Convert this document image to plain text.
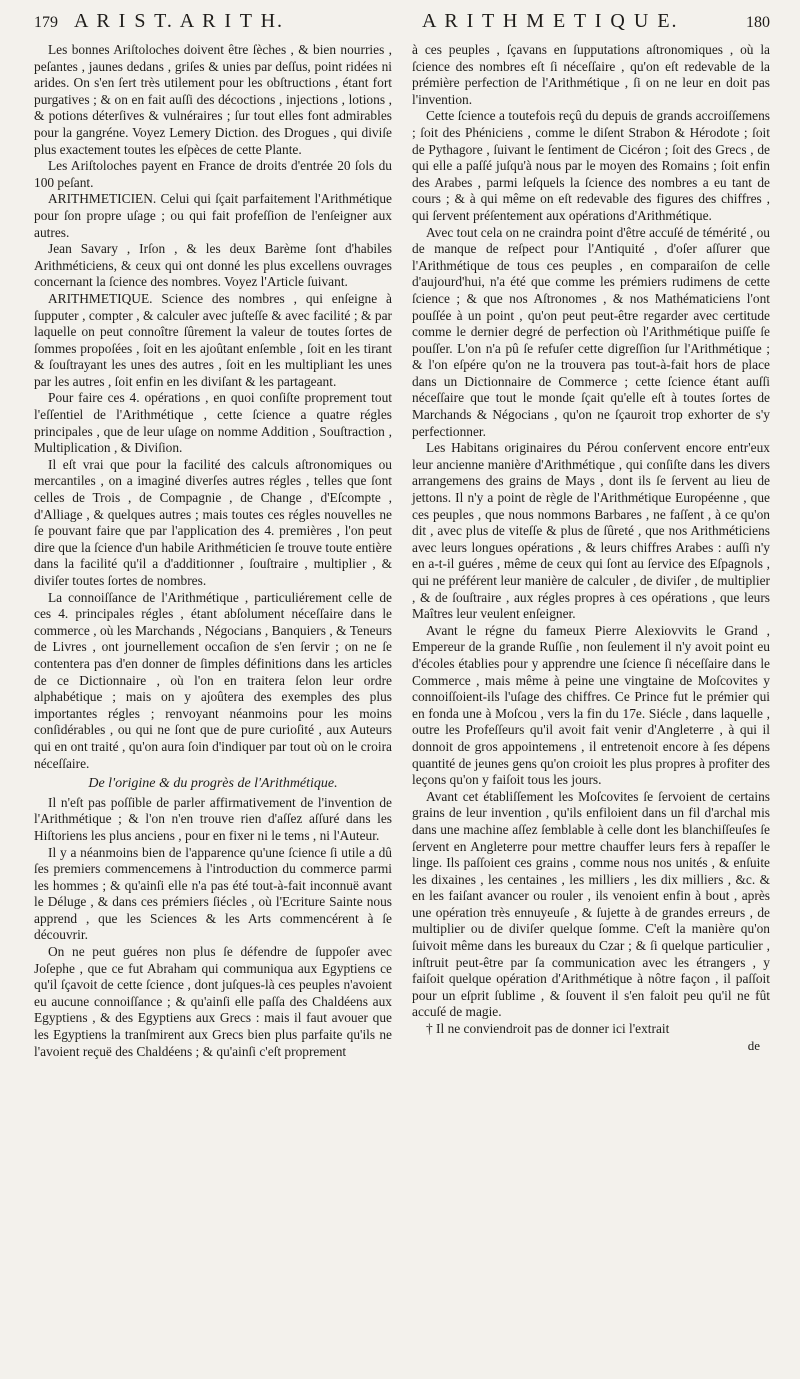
179 A R I S T. A R I T H.	A R I T H M E T I Q U E.	180

Les bonnes Ariſtoloches doivent être ſèches , & bien nourries , peſantes , jaunes dedans , griſes & unies par deſſus, point ridées ni arides. On s'en ſert très utilement pour les obſtructions , étant fort purgatives ; & on en fait auſſi des décoctions , injections , lotions , & potions déterſives & vulnéraires ; ſur tout elles font admirables pour la gangréne. Voyez Lemery Diction. des Drogues , qui diviſe plus exactement toutes les eſpèces de cette Plante.

Les Ariſtoloches payent en France de droits d'entrée 20 ſols du 100 peſant.

ARITHMETICIEN. Celui qui ſçait parfaitement l'Arithmétique pour ſon propre uſage ; ou qui fait profeſſion de l'enſeigner aux autres.

Jean Savary , Irſon , & les deux Barème ſont d'habiles Arithméticiens, & ceux qui ont donné les plus excellens ouvrages concernant la ſcience des nombres. Voyez l'Article ſuivant.

ARITHMETIQUE. Science des nombres , qui enſeigne à ſupputer , compter , & calculer avec juſteſſe & avec facilité ; & par laquelle on peut connoître ſûrement la valeur de toutes ſortes de ſommes propoſées , ſoit en les ajoûtant enſemble , ſoit en les tirant & ſouſtrayant les unes des autres , ſoit en les multipliant les unes par les autres , ſoit enfin en les diviſant & les partageant.

Pour faire ces 4. opérations , en quoi conſiſte proprement tout l'eſſentiel de l'Arithmétique , cette ſcience a quatre régles principales , que de leur uſage on nomme Addition , Souſtraction , Multiplication , & Diviſion.

Il eſt vrai que pour la facilité des calculs aſtronomiques ou mercantiles , on a imaginé diverſes autres régles , telles que ſont celles de Trois , de Compagnie , de Change , d'Eſcompte , d'Alliage , & quelques autres ; mais toutes ces régles nouvelles ne ſe pouvant faire que par l'application des 4. premières , l'on peut dire que la ſcience d'un habile Arithméticien ſe trouve toute entière dans la facilité qu'il a d'additionner , ſouſtraire , multiplier , & diviſer toutes ſortes de nombres.

La connoiſſance de l'Arithmétique , particuliérement celle de ces 4. principales régles , étant abſolument néceſſaire dans le commerce , où les Marchands , Négocians , Banquiers , & Teneurs de Livres , ont journellement occaſion de s'en ſervir ; on ne ſe contentera pas d'en donner de ſimples définitions dans les articles de ce Dictionnaire , où l'on en traitera ſelon leur ordre alphabétique ; mais on y ajoûtera des exemples des plus importantes régles ; renvoyant néanmoins pour les moins conſidérables , ou qui ne ſont que de pure curioſité , aux Auteurs qui en ont traité , qu'on aura ſoin d'indiquer par tout où on le croira néceſſaire.

De l'origine & du progrès de l'Arithmétique.

Il n'eſt pas poſſible de parler affirmativement de l'invention de l'Arithmétique ; & l'on n'en trouve rien d'aſſez aſſuré dans les Hiſtoriens les plus anciens , pour en fixer ni le tems , ni l'Auteur.

Il y a néanmoins bien de l'apparence qu'une ſcience ſi utile a dû ſes premiers commencemens à l'introduction du commerce parmi les hommes ; & qu'ainſi elle n'a pas été tout-à-fait inconnuë avant le Déluge , & dans ces prémiers ſiécles , où l'Ecriture Sainte nous apprend , que les Sciences & les Arts commencérent à ſe découvrir.

On ne peut guéres non plus ſe défendre de ſuppoſer avec Joſephe , que ce fut Abraham qui communiqua aux Egyptiens ce qu'il ſçavoit de cette ſcience , dont juſques-là ces peuples n'avoient eu aucune connoiſſance ; & qu'ainſi elle paſſa des Chaldéens aux Egyptiens , & des Egyptiens aux Grecs : mais il faut avouer que les Egyptiens la tranſmirent aux Grecs bien plus parfaite qu'ils ne l'avoient reçuë des Chaldéens ; & qu'ainſi c'eſt proprement

à ces peuples , ſçavans en ſupputations aſtronomiques , où la ſcience des nombres eſt ſi néceſſaire , qu'on eſt redevable de la prémière perfection de l'Arithmétique , ſi on ne leur en doit pas l'invention.

Cette ſcience a toutefois reçû du depuis de grands accroiſſemens ; ſoit des Phéniciens , comme le diſent Strabon & Hérodote ; ſoit de Pythagore , ſuivant le ſentiment de Cicéron ; ſoit des Grecs , de qui elle a paſſé juſqu'à nous par le moyen des Romains ; ſoit enfin des Arabes , parmi leſquels la ſcience des nombres a eu tant de cours ; & à qui même on eſt redevable des figures des chiffres , qui ſervent préſentement aux opérations d'Arithmétique.

Avec tout cela on ne craindra point d'être accuſé de témérité , ou de manque de reſpect pour l'Antiquité , d'oſer aſſurer que l'Arithmétique de tous ces peuples , en comparaiſon de celle d'aujourd'hui, n'a été que comme les prémiers rudimens de cette ſcience ; & que nos Aſtronomes , & nos Mathématiciens l'ont pouſſée à un point , qu'on peut peut-être regarder avec certitude comme le dernier degré de perfection où l'Arithmétique puiſſe ſe pouſſer. L'on n'a pû ſe refuſer cette digreſſion ſur l'Arithmétique ; & l'on eſpére qu'on ne la trouvera pas tout-à-fait hors de place dans un Dictionnaire de Commerce ; cette ſcience étant auſſi néceſſaire que tout le monde ſçait qu'elle eſt à toutes ſortes de Marchands & Négocians , qu'on ne ſçauroit trop exhorter de s'y perfectionner.

Les Habitans originaires du Pérou conſervent encore entr'eux leur ancienne manière d'Arithmétique , qui conſiſte dans les divers arrangemens des grains de Mays , dont ils ſe ſervent au lieu de jettons. Il n'y a point de règle de l'Arithmétique Européenne , que ces peuples , que nous nommons Barbares , ne faſſent , à ce qu'on dit , avec plus de viteſſe & plus de ſûreté , que nos Arithméticiens avec leurs longues opérations , & leurs chiffres Arabes : auſſi n'y en a-t-il guéres , même de ceux qui ſont au ſervice des Eſpagnols , qui ne préférent leur manière de calculer , de diviſer , de multiplier , & de ſouſtraire , aux régles propres à ces opérations , que leurs Maîtres leur veulent enſeigner.

Avant le régne du fameux Pierre Alexiovvits le Grand , Empereur de la grande Ruſſie , non ſeulement il n'y avoit point eu d'écoles établies pour y apprendre une ſcience ſi néceſſaire dans le Commerce , mais même à peine une vingtaine de Moſcovites y connoiſſoient-ils l'uſage des chiffres. Ce Prince fut le prémier qui en fonda une à Moſcou , vers la fin du 17e. Siécle , dans laquelle , outre les Profeſſeurs qu'il avoit fait venir d'Angleterre , à qui il donnoit de gros appointemens , il entretenoit encore à ſes dépens quantité de jeunes gens qu'on croioit les plus propres à profiter des leçons qu'on y faiſoit tous les jours.

Avant cet établiſſement les Moſcovites ſe ſervoient de certains grains de leur invention , qu'ils enfiloient dans un fil d'archal mis dans une machine aſſez ſemblable à celle dont les blanchiſſeuſes ſe ſervent en Angleterre pour mettre chauffer leurs fers à repaſſer le linge. Ils paſſoient ces grains , comme nous nos unités , & enſuite les dixaines , les centaines , les milliers , les dix milliers , &c. & en les faiſant avancer ou rouler , ils venoient enfin à bout , après une opération très ennuyeuſe , & ſujette à de grandes erreurs , de multiplier ou de diviſer quelque ſomme. C'eſt la manière qu'on ſuivoit même dans les bureaux du Czar ; & ſi quelque particulier , inſtruit peut-être par ſa communication avec les étrangers , y faiſoit quelque opération d'Arithmétique à nôtre façon , il paſſoit pour un eſprit ſublime , & ſouvent il s'en faloit peu qu'il ne fût accuſé de magie.

† Il ne conviendroit pas de donner ici l'extrait

de
